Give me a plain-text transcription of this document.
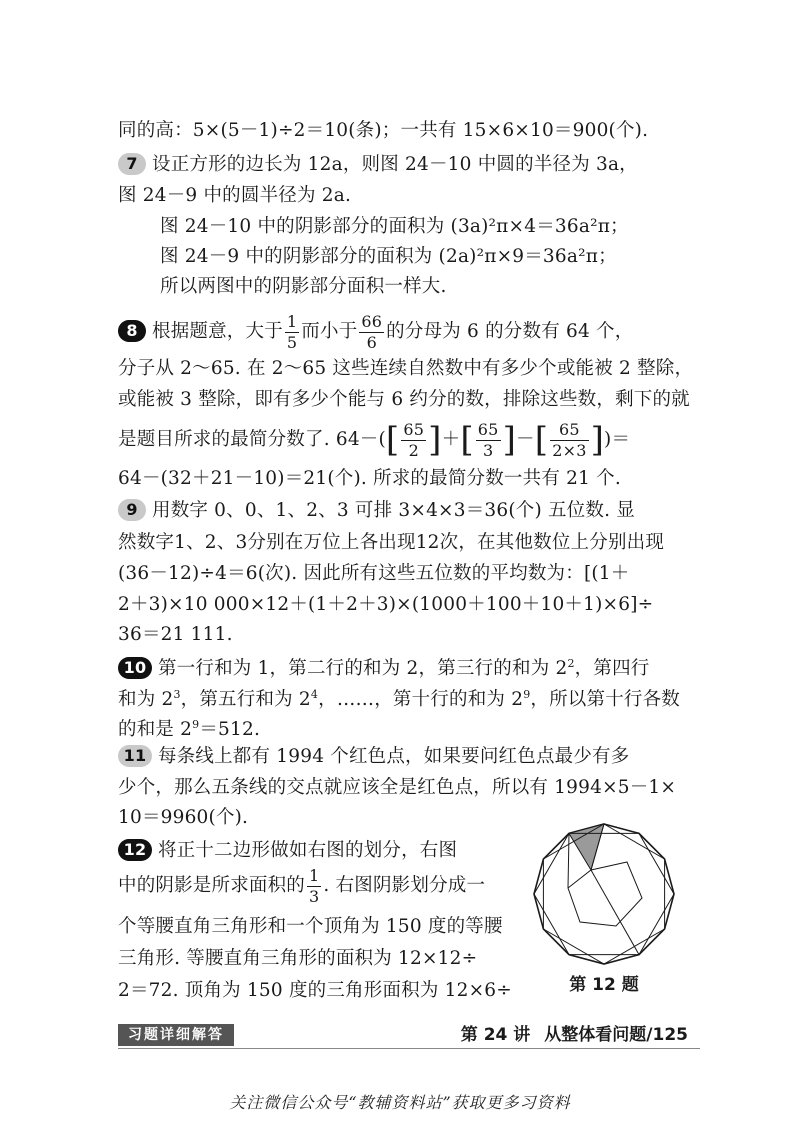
同的高：5×(5－1)÷2＝10(条)；一共有 15×6×10＝900(个).
7 设正方形的边长为 12a，则图 24－10 中圆的半径为 3a，
图 24－9 中的圆半径为 2a.
图 24－10 中的阴影部分的面积为 (3a)²π×4＝36a²π；
图 24－9 中的阴影部分的面积为 (2a)²π×9＝36a²π；
所以两图中的阴影部分面积一样大.
8 根据题意，大于 $\frac{1}{5}$ 而小于 $\frac{66}{6}$ 的分母为 6 的分数有 64 个，
分子从 2～65. 在 2～65 这些连续自然数中有多少个或能被 2 整除，
或能被 3 整除，即有多少个能与 6 约分的数，排除这些数，剩下的就
是题目所求的最简分数了. $64-([ \frac{65}{2}$ ]＋[ $\frac{65}{3}$ ]－[ $\frac{65}{2\times 3}$ ])＝
64－(32＋21－10)＝21(个). 所求的最简分数一共有 21 个.
9 用数字 0、0、1、2、3 可排 3×4×3＝36(个) 五位数. 显
然数字1、2、3分别在万位上各出现12次，在其他数位上分别出现
(36－12)÷4＝6(次). 因此所有这些五位数的平均数为：[(1＋
2＋3)×10 000×12＋(1＋2＋3)×(1000＋100＋10＋1)×6]÷
36＝21 111.
10 第一行和为 1，第二行的和为 2，第三行的和为 $2^2$，第四行
和为 $2^3$，第五行和为 $2^4$，……，第十行的和为 $2^9$，所以第十行各数
的和是 $2^9=512$.
11 每条线上都有 1994 个红色点，如果要问红色点最少有多
少个，那么五条线的交点就应该全是红色点，所以有 1994×5－1×
10＝9960(个).
12 将正十二边形做如右图的划分，右图
中的阴影是所求面积的 $\frac{1}{3}$ . 右图阴影划分成一
个等腰直角三角形和一个顶角为 150 度的等腰
三角形. 等腰直角三角形的面积为 12×12÷
2＝72. 顶角为 150 度的三角形面积为 12×6÷	第 12 题
习题详细解答	第 24 讲 从整体看问题/125
关注微信公众号“教辅资料站”获取更多习资料
